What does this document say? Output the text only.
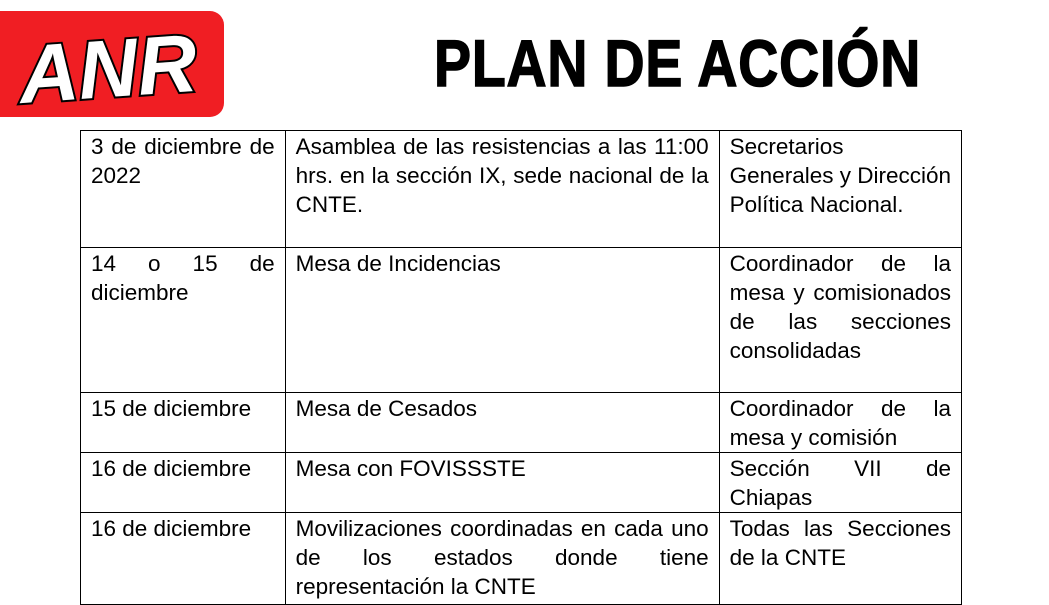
ANR	PLAN DE ACCIÓN
3 de diciembre de 2022	Asamblea de las resistencias a las 11:00 hrs. en la sección IX, sede nacional de la CNTE.	Secretarios Generales y Dirección Política Nacional.
14 o 15 de diciembre	Mesa de Incidencias	Coordinador de la mesa y comisionados de las secciones consolidadas
15 de diciembre	Mesa de Cesados	Coordinador de la mesa y comisión
16 de diciembre	Mesa con FOVISSSTE	Sección VII de Chiapas
16 de diciembre	Movilizaciones coordinadas en cada uno de los estados donde tiene representación la CNTE	Todas las Secciones de la CNTE
